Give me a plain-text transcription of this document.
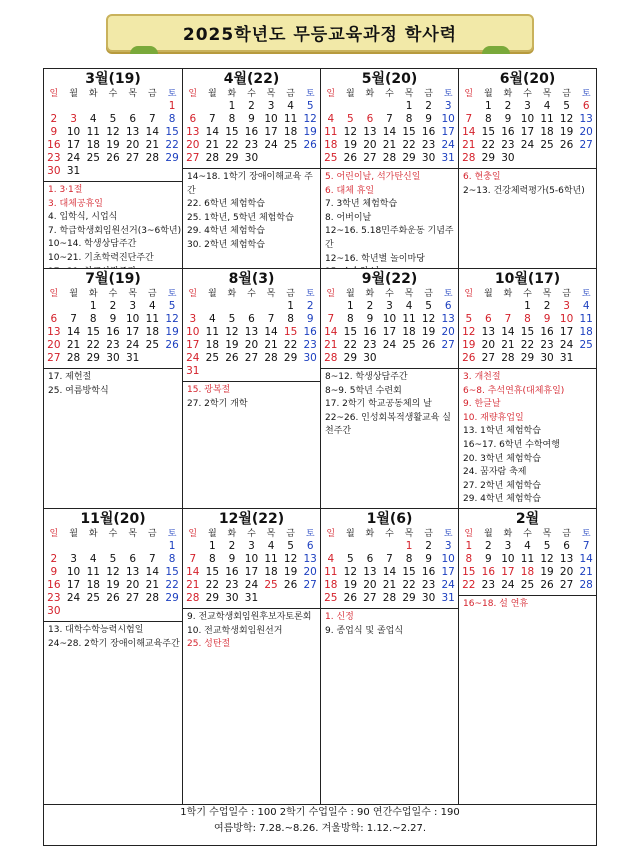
2025학년도 무등교육과정 학사력
3월(19)
일	월	화	수	목	금	토
						1
2	3	4	5	6	7	8
9	10	11	12	13	14	15
16	17	18	19	20	21	22
23	24	25	26	27	28	29
30	31					
1. 3·1절
3. 대체공휴일
4. 입학식, 시업식
7. 학급학생회임원선거(3~6학년)
10~14. 학생상담주간
10~21. 기초학력진단주간
4월(22)
일	월	화	수	목	금	토
		1	2	3	4	5
6	7	8	9	10	11	12
13	14	15	16	17	18	19
20	21	22	23	24	25	26
27	28	29	30			
14~18. 1학기 장애이해교육 주간
22. 6학년 체험학습
25. 1학년, 5학년 체험학습
29. 4학년 체험학습
30. 2학년 체험학습
5월(20)
일	월	화	수	목	금	토
				1	2	3
4	5	6	7	8	9	10
11	12	13	14	15	16	17
18	19	20	21	22	23	24
25	26	27	28	29	30	31
5. 어린이날, 석가탄신일
6. 대체 휴일
7. 3학년 체험학습
8. 어버이날
12~16. 5.18민주화운동 기념주간
12~16. 학년별 놀이마당
6월(20)
일	월	화	수	목	금	토
	1	2	3	4	5	6
7	8	9	10	11	12	13
14	15	16	17	18	19	20
21	22	23	24	25	26	27
28	29	30				
6. 현충일
2~13. 건강체력평가(5-6학년)
7월(19)
일	월	화	수	목	금	토
		1	2	3	4	5
6	7	8	9	10	11	12
13	14	15	16	17	18	19
20	21	22	23	24	25	26
27	28	29	30	31		
17. 제헌절
25. 여름방학식
8월(3)
일	월	화	수	목	금	토
					1	2
3	4	5	6	7	8	9
10	11	12	13	14	15	16
17	18	19	20	21	22	23
24	25	26	27	28	29	30
31						
15. 광복절
27. 2학기 개학
9월(22)
일	월	화	수	목	금	토
	1	2	3	4	5	6
7	8	9	10	11	12	13
14	15	16	17	18	19	20
21	22	23	24	25	26	27
28	29	30				
8~12. 학생상담주간
8~9. 5학년 수련회
17. 2학기 학교공동체의 날
22~26. 인성회복적생활교육 실천주간
10월(17)
일	월	화	수	목	금	토
			1	2	3	4
5	6	7	8	9	10	11
12	13	14	15	16	17	18
19	20	21	22	23	24	25
26	27	28	29	30	31	
3. 개천절
6~8. 추석연휴(대체휴일)
9. 한글날
10. 재량휴업일
13. 1학년 체험학습
16~17. 6학년 수학여행
20. 3학년 체험학습
24. 꿈자람 축제
27. 2학년 체험학습
29. 4학년 체험학습
11월(20)
일	월	화	수	목	금	토
						1
2	3	4	5	6	7	8
9	10	11	12	13	14	15
16	17	18	19	20	21	22
23	24	25	26	27	28	29
30						
13. 대학수학능력시험일
24~28. 2학기 장애이해교육주간
12월(22)
일	월	화	수	목	금	토
	1	2	3	4	5	6
7	8	9	10	11	12	13
14	15	16	17	18	19	20
21	22	23	24	25	26	27
28	29	30	31			
9. 전교학생회임원후보자토론회
10. 전교학생회임원선거
25. 성탄절
1월(6)
일	월	화	수	목	금	토
				1	2	3
4	5	6	7	8	9	10
11	12	13	14	15	16	17
18	19	20	21	22	23	24
25	26	27	28	29	30	31
1. 신정
9. 종업식 및 졸업식
2월
일	월	화	수	목	금	토
1	2	3	4	5	6	7
8	9	10	11	12	13	14
15	16	17	18	19	20	21
22	23	24	25	26	27	28
16~18. 설 연휴
1학기 수업일수 : 100 2학기 수업일수 : 90 연간수업일수 : 190
여름방학: 7.28.~8.26. 겨울방학: 1.12.~2.27.
